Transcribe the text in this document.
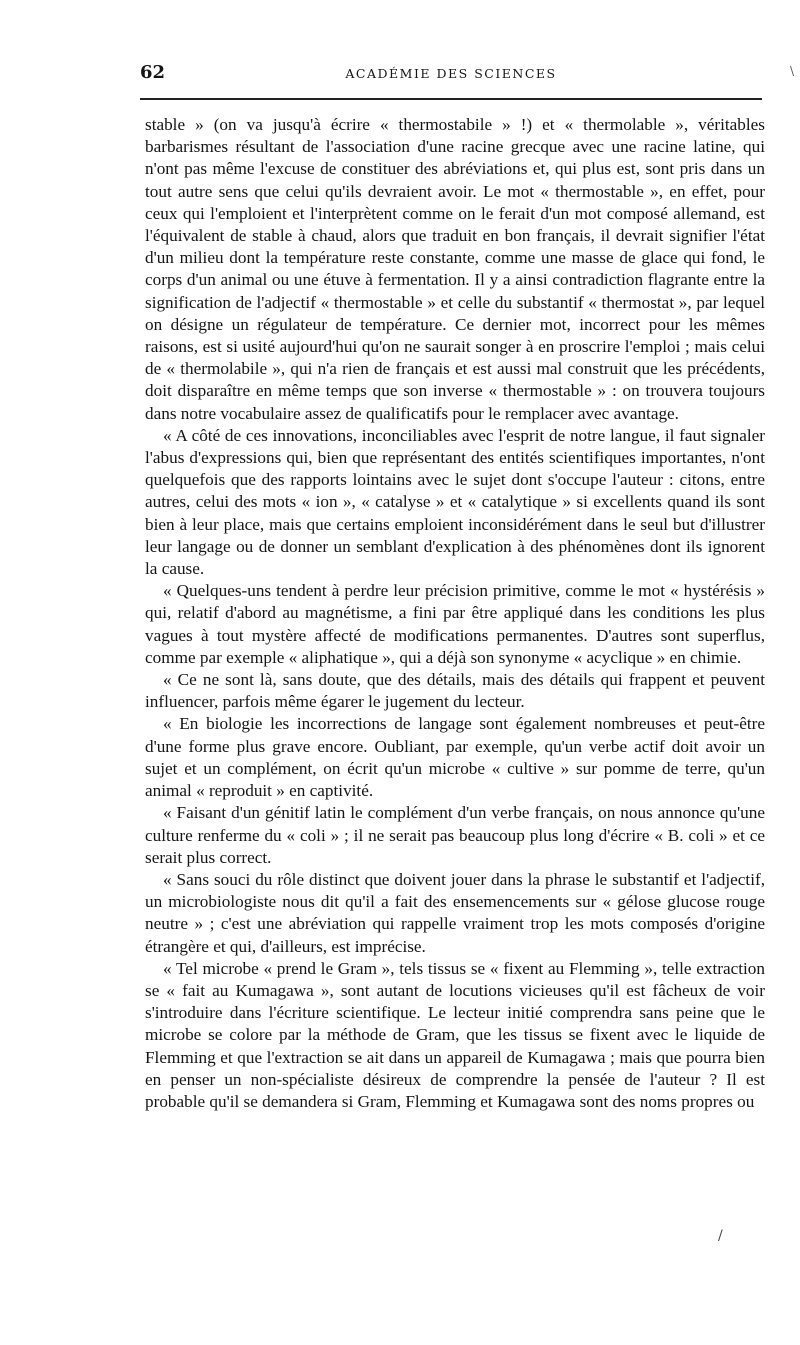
62	ACADÉMIE DES SCIENCES	\

stable » (on va jusqu'à écrire « thermostabile » !) et « thermolable », véritables barbarismes résultant de l'association d'une racine grecque avec une racine latine, qui n'ont pas même l'excuse de constituer des abréviations et, qui plus est, sont pris dans un tout autre sens que celui qu'ils devraient avoir. Le mot « thermostable », en effet, pour ceux qui l'emploient et l'interprètent comme on le ferait d'un mot composé allemand, est l'équivalent de stable à chaud, alors que traduit en bon français, il devrait signifier l'état d'un milieu dont la température reste constante, comme une masse de glace qui fond, le corps d'un animal ou une étuve à fermentation. Il y a ainsi contradiction flagrante entre la signification de l'adjectif « thermostable » et celle du substantif « thermostat », par lequel on désigne un régulateur de température. Ce dernier mot, incorrect pour les mêmes raisons, est si usité aujourd'hui qu'on ne saurait songer à en proscrire l'emploi ; mais celui de « thermolabile », qui n'a rien de français et est aussi mal construit que les précédents, doit disparaître en même temps que son inverse « thermostable » : on trouvera toujours dans notre vocabulaire assez de qualificatifs pour le remplacer avec avantage.

« A côté de ces innovations, inconciliables avec l'esprit de notre langue, il faut signaler l'abus d'expressions qui, bien que représentant des entités scientifiques importantes, n'ont quelquefois que des rapports lointains avec le sujet dont s'occupe l'auteur : citons, entre autres, celui des mots « ion », « catalyse » et « catalytique » si excellents quand ils sont bien à leur place, mais que certains emploient inconsidérément dans le seul but d'illustrer leur langage ou de donner un semblant d'explication à des phénomènes dont ils ignorent la cause.

« Quelques-uns tendent à perdre leur précision primitive, comme le mot « hystérésis » qui, relatif d'abord au magnétisme, a fini par être appliqué dans les conditions les plus vagues à tout mystère affecté de modifications permanentes. D'autres sont superflus, comme par exemple « aliphatique », qui a déjà son synonyme « acyclique » en chimie.

« Ce ne sont là, sans doute, que des détails, mais des détails qui frappent et peuvent influencer, parfois même égarer le jugement du lecteur.

« En biologie les incorrections de langage sont également nombreuses et peut-être d'une forme plus grave encore. Oubliant, par exemple, qu'un verbe actif doit avoir un sujet et un complément, on écrit qu'un microbe « cultive » sur pomme de terre, qu'un animal « reproduit » en captivité.

« Faisant d'un génitif latin le complément d'un verbe français, on nous annonce qu'une culture renferme du « coli » ; il ne serait pas beaucoup plus long d'écrire « B. coli » et ce serait plus correct.

« Sans souci du rôle distinct que doivent jouer dans la phrase le substantif et l'adjectif, un microbiologiste nous dit qu'il a fait des ensemencements sur « gélose glucose rouge neutre » ; c'est une abréviation qui rappelle vraiment trop les mots composés d'origine étrangère et qui, d'ailleurs, est imprécise.

« Tel microbe « prend le Gram », tels tissus se « fixent au Flemming », telle extraction se « fait au Kumagawa », sont autant de locutions vicieuses qu'il est fâcheux de voir s'introduire dans l'écriture scientifique. Le lecteur initié comprendra sans peine que le microbe se colore par la méthode de Gram, que les tissus se fixent avec le liquide de Flemming et que l'extraction se ait dans un appareil de Kumagawa ; mais que pourra bien en penser un non-spécialiste désireux de comprendre la pensée de l'auteur ? Il est probable qu'il se demandera si Gram, Flemming et Kumagawa sont des noms propres ou

/
